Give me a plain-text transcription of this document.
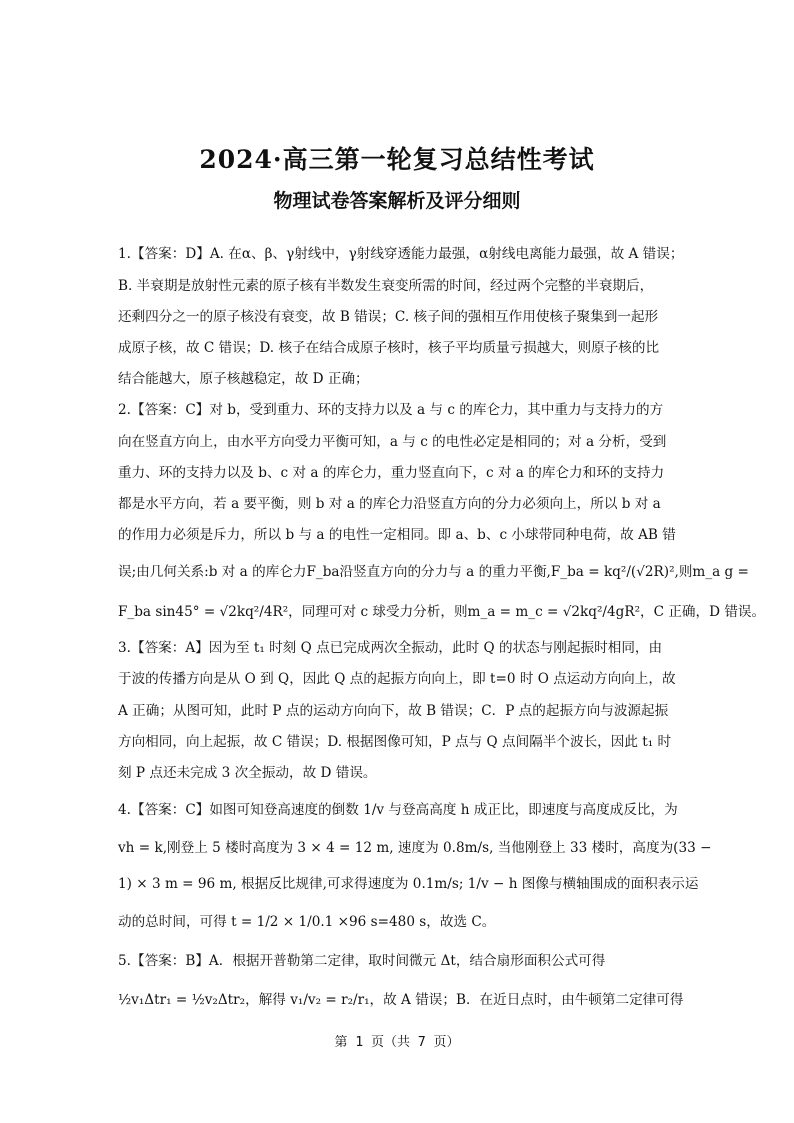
2024·高三第一轮复习总结性考试
物理试卷答案解析及评分细则
1.【答案：D】A. 在α、β、γ射线中，γ射线穿透能力最强，α射线电离能力最强，故 A 错误；
B. 半衰期是放射性元素的原子核有半数发生衰变所需的时间，经过两个完整的半衰期后，
还剩四分之一的原子核没有衰变，故 B 错误；C. 核子间的强相互作用使核子聚集到一起形
成原子核，故 C 错误；D. 核子在结合成原子核时，核子平均质量亏损越大，则原子核的比
结合能越大，原子核越稳定，故 D 正确；
2.【答案：C】对 b，受到重力、环的支持力以及 a 与 c 的库仑力，其中重力与支持力的方
向在竖直方向上，由水平方向受力平衡可知，a 与 c 的电性必定是相同的；对 a 分析，受到
重力、环的支持力以及 b、c 对 a 的库仑力，重力竖直向下，c 对 a 的库仑力和环的支持力
都是水平方向，若 a 要平衡，则 b 对 a 的库仑力沿竖直方向的分力必须向上，所以 b 对 a
的作用力必须是斥力，所以 b 与 a 的电性一定相同。即 a、b、c 小球带同种电荷，故 AB 错
误;由几何关系:b 对 a 的库仑力F_ba沿竖直方向的分力与 a 的重力平衡,F_ba = kq²/(√2R)²,则m_a g =
F_ba sin45° = √2kq²/4R²，同理可对 c 球受力分析，则m_a = m_c = √2kq²/4gR²，C 正确，D 错误。
3.【答案：A】因为至 t₁ 时刻 Q 点已完成两次全振动，此时 Q 的状态与刚起振时相同，由
于波的传播方向是从 O 到 Q，因此 Q 点的起振方向向上，即 t=0 时 O 点运动方向向上，故
A 正确；从图可知，此时 P 点的运动方向向下，故 B 错误；C．P 点的起振方向与波源起振
方向相同，向上起振，故 C 错误；D. 根据图像可知，P 点与 Q 点间隔半个波长，因此 t₁ 时
刻 P 点还未完成 3 次全振动，故 D 错误。
4.【答案：C】如图可知登高速度的倒数 1/v 与登高高度 h 成正比，即速度与高度成反比，为
vh = k,刚登上 5 楼时高度为 3 × 4 = 12 m, 速度为 0.8m/s, 当他刚登上 33 楼时，高度为(33 −
1) × 3 m = 96 m, 根据反比规律,可求得速度为 0.1m/s; 1/v − h 图像与横轴围成的面积表示运
动的总时间，可得 t = 1/2 × 1/0.1 ×96 s=480 s，故选 C。
5.【答案：B】A．根据开普勒第二定律，取时间微元 Δt，结合扇形面积公式可得
½v₁Δtr₁ = ½v₂Δtr₂，解得 v₁/v₂ = r₂/r₁，故 A 错误；B．在近日点时，由牛顿第二定律可得
第 1 页（共 7 页）
